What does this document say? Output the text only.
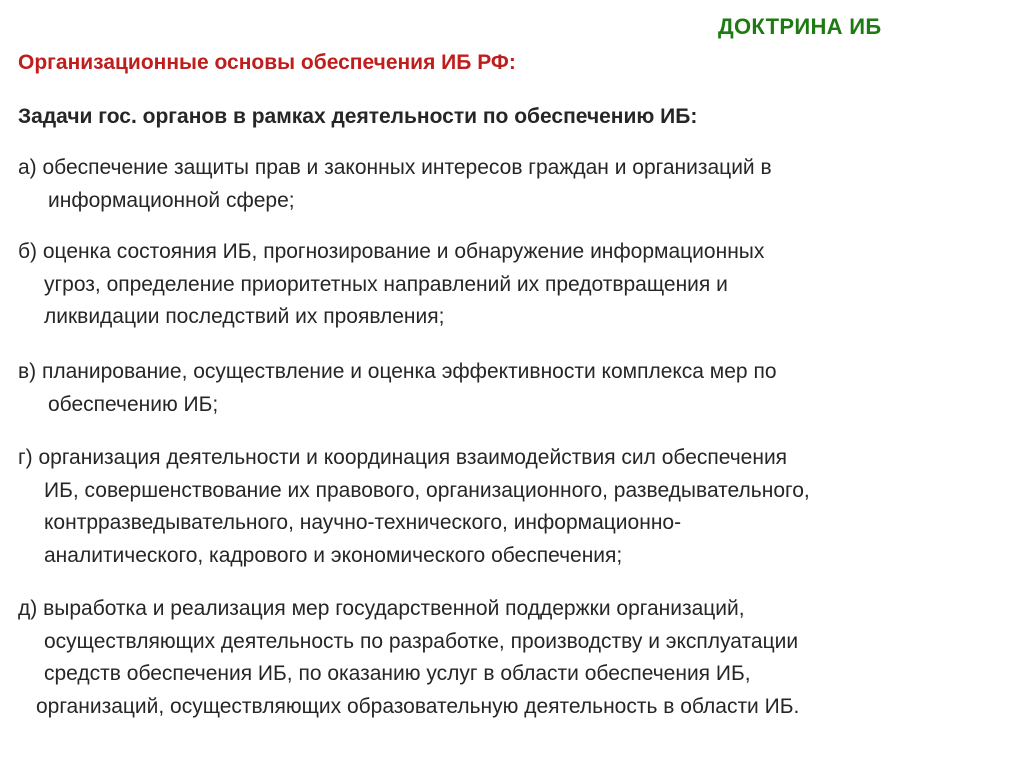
ДОКТРИНА ИБ
Организационные основы обеспечения ИБ РФ:
Задачи гос. органов в рамках деятельности по обеспечению ИБ:
а) обеспечение защиты прав и законных интересов граждан и организаций в
информационной сфере;
б) оценка состояния ИБ, прогнозирование и обнаружение информационных
угроз, определение приоритетных направлений их предотвращения и
ликвидации последствий их проявления;
в) планирование, осуществление и оценка эффективности комплекса мер по
обеспечению ИБ;
г) организация деятельности и координация взаимодействия сил обеспечения
ИБ, совершенствование их правового, организационного, разведывательного,
контрразведывательного, научно-технического, информационно-
аналитического, кадрового и экономического обеспечения;
д) выработка и реализация мер государственной поддержки организаций,
осуществляющих деятельность по разработке, производству и эксплуатации
средств обеспечения ИБ, по оказанию услуг в области обеспечения ИБ,
организаций, осуществляющих образовательную деятельность в области ИБ.
